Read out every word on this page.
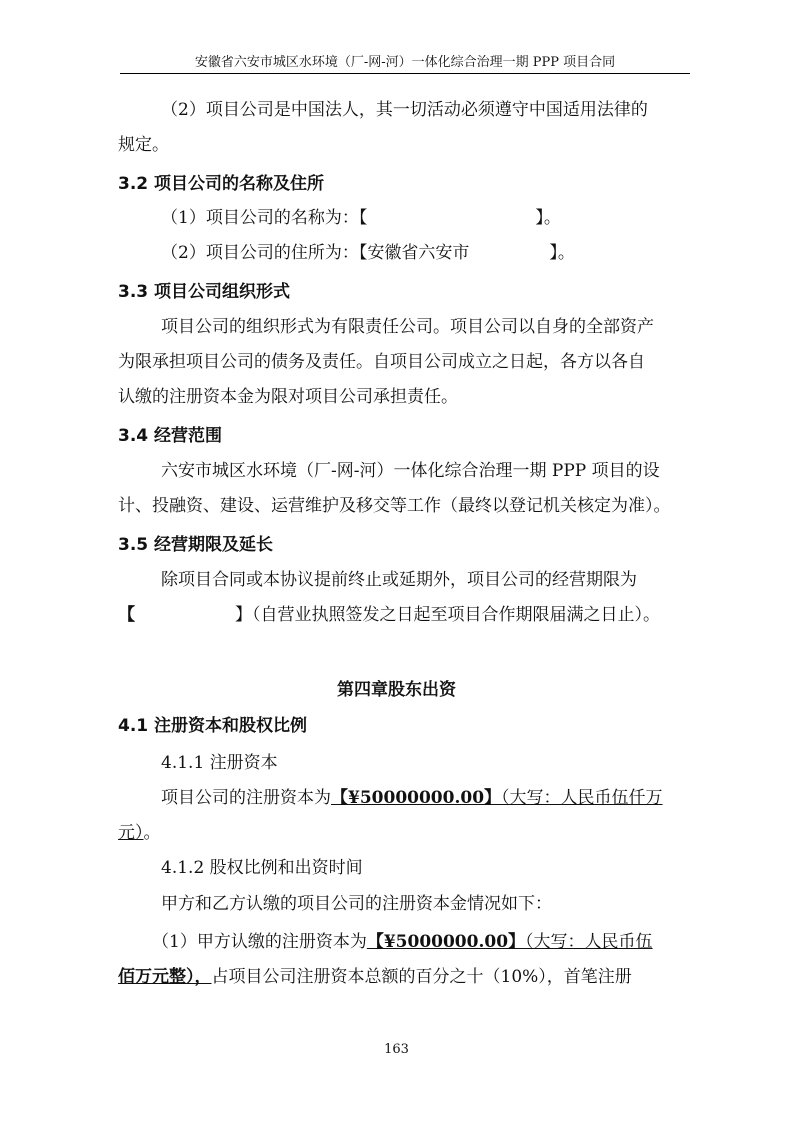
安徽省六安市城区水环境（厂-网-河）一体化综合治理一期 PPP 项目合同
（2）项目公司是中国法人，其一切活动必须遵守中国适用法律的
规定。
3.2 项目公司的名称及住所
（1）项目公司的名称为：【	】。
（2）项目公司的住所为：【安徽省六安市	】。
3.3 项目公司组织形式
项目公司的组织形式为有限责任公司。项目公司以自身的全部资产
为限承担项目公司的债务及责任。自项目公司成立之日起，各方以各自
认缴的注册资本金为限对项目公司承担责任。
3.4 经营范围
六安市城区水环境（厂-网-河）一体化综合治理一期 PPP 项目的设
计、投融资、建设、运营维护及移交等工作（最终以登记机关核定为准）。
3.5 经营期限及延长
除项目合同或本协议提前终止或延期外，项目公司的经营期限为
【	】（自营业执照签发之日起至项目合作期限届满之日止）。
第四章股东出资
4.1 注册资本和股权比例
4.1.1 注册资本
项目公司的注册资本为【¥50000000.00】（大写：人民币伍仟万
元）。
4.1.2 股权比例和出资时间
甲方和乙方认缴的项目公司的注册资本金情况如下：
（1）甲方认缴的注册资本为【¥5000000.00】（大写：人民币伍
佰万元整），占项目公司注册资本总额的百分之十（10%），首笔注册
163
